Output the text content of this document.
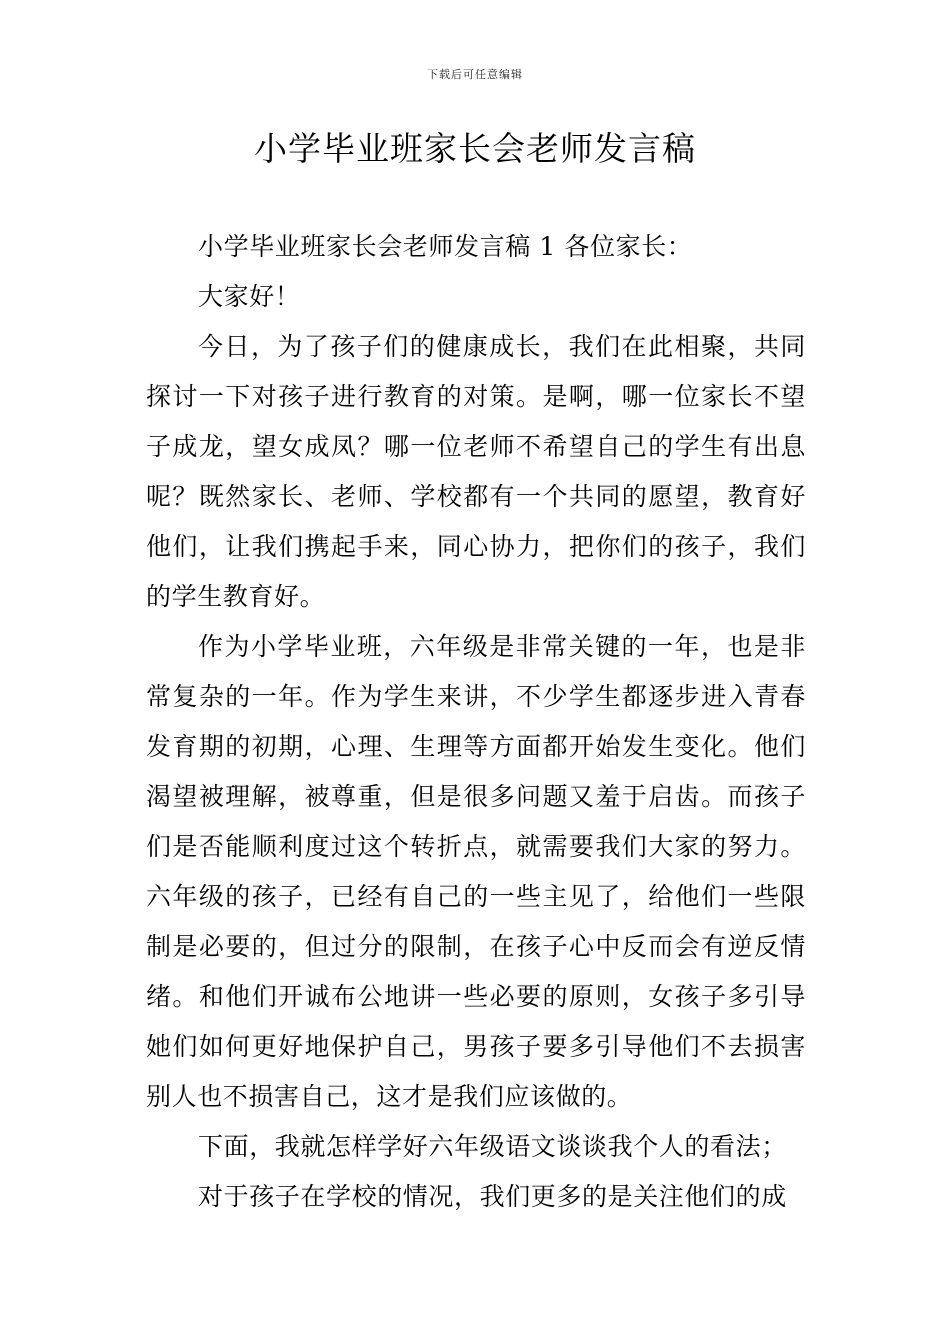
下载后可任意编辑
小学毕业班家长会老师发言稿

小学毕业班家长会老师发言稿 1 各位家长：

大家好！

今日，为了孩子们的健康成长，我们在此相聚，共同探讨一下对孩子进行教育的对策。是啊，哪一位家长不望子成龙，望女成凤？哪一位老师不希望自己的学生有出息呢？既然家长、老师、学校都有一个共同的愿望，教育好他们，让我们携起手来，同心协力，把你们的孩子，我们的学生教育好。

作为小学毕业班，六年级是非常关键的一年，也是非常复杂的一年。作为学生来讲，不少学生都逐步进入青春发育期的初期，心理、生理等方面都开始发生变化。他们渴望被理解，被尊重，但是很多问题又羞于启齿。而孩子们是否能顺利度过这个转折点，就需要我们大家的努力。六年级的孩子，已经有自己的一些主见了，给他们一些限制是必要的，但过分的限制，在孩子心中反而会有逆反情绪。和他们开诚布公地讲一些必要的原则，女孩子多引导她们如何更好地保护自己，男孩子要多引导他们不去损害别人也不损害自己，这才是我们应该做的。

下面，我就怎样学好六年级语文谈谈我个人的看法；

对于孩子在学校的情况，我们更多的是关注他们的成
